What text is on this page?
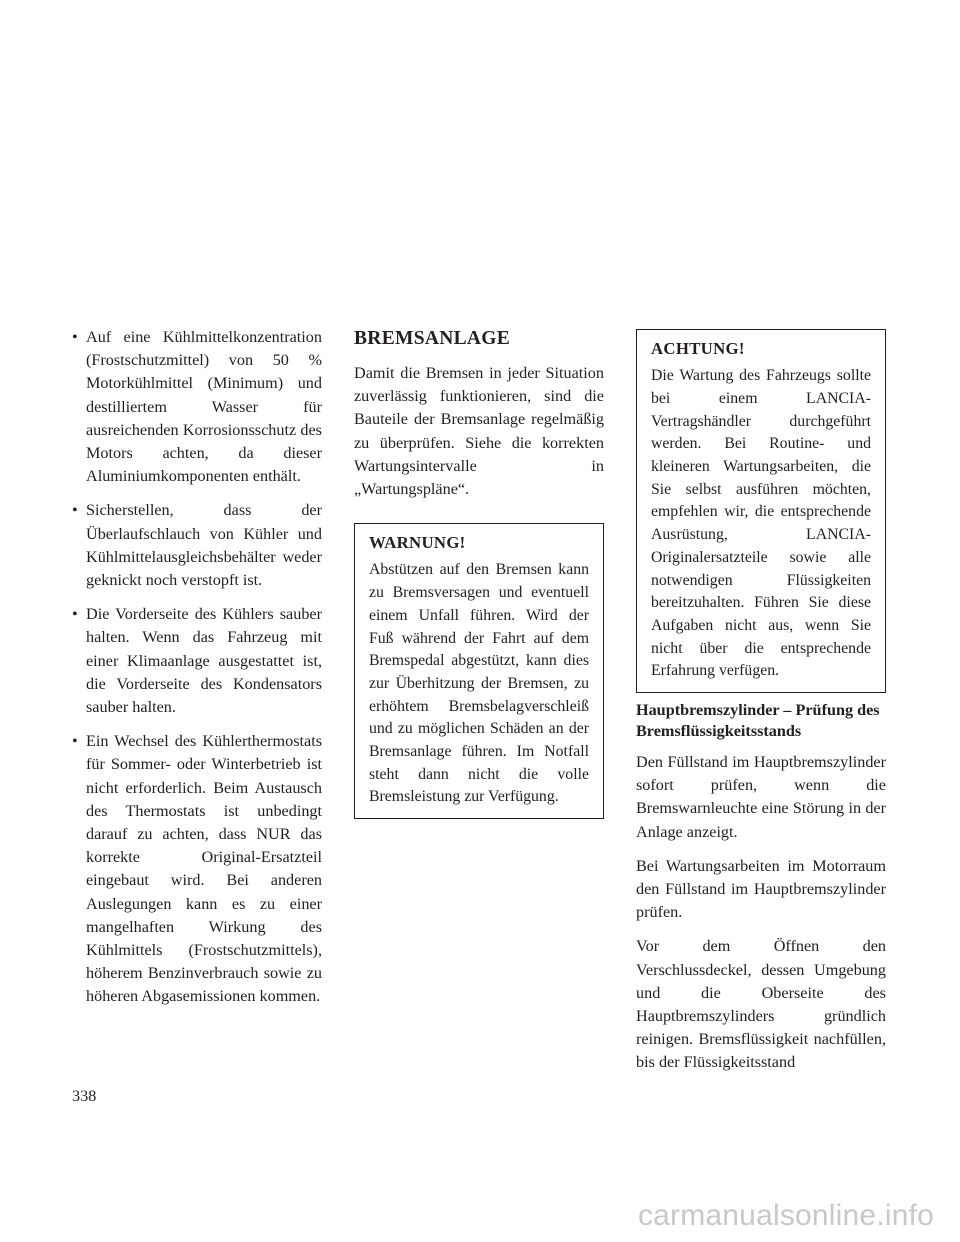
• Auf eine Kühlmittelkonzentration (Frostschutzmittel) von 50 % Motorkühlmittel (Minimum) und destilliertem Wasser für ausreichenden Korrosionsschutz des Motors achten, da dieser Aluminiumkomponenten enthält.
• Sicherstellen, dass der Überlaufschlauch von Kühler und Kühlmittelausgleichsbehälter weder geknickt noch verstopft ist.
• Die Vorderseite des Kühlers sauber halten. Wenn das Fahrzeug mit einer Klimaanlage ausgestattet ist, die Vorderseite des Kondensators sauber halten.
• Ein Wechsel des Kühlerthermostats für Sommer- oder Winterbetrieb ist nicht erforderlich. Beim Austausch des Thermostats ist unbedingt darauf zu achten, dass NUR das korrekte Original-Ersatzteil eingebaut wird. Bei anderen Auslegungen kann es zu einer mangelhaften Wirkung des Kühlmittels (Frostschutzmittels), höherem Benzinverbrauch sowie zu höheren Abgasemissionen kommen.
BREMSANLAGE

Damit die Bremsen in jeder Situation zuverlässig funktionieren, sind die Bauteile der Bremsanlage regelmäßig zu überprüfen. Siehe die korrekten Wartungsintervalle in „Wartungspläne“.

WARNUNG!

Abstützen auf den Bremsen kann zu Bremsversagen und eventuell einem Unfall führen. Wird der Fuß während der Fahrt auf dem Bremspedal abgestützt, kann dies zur Überhitzung der Bremsen, zu erhöhtem Bremsbelagverschleiß und zu möglichen Schäden an der Bremsanlage führen. Im Notfall steht dann nicht die volle Bremsleistung zur Verfügung.

ACHTUNG!

Die Wartung des Fahrzeugs sollte bei einem LANCIA-Vertragshändler durchgeführt werden. Bei Routine- und kleineren Wartungsarbeiten, die Sie selbst ausführen möchten, empfehlen wir, die entsprechende Ausrüstung, LANCIA-Originalersatzteile sowie alle notwendigen Flüssigkeiten bereitzuhalten. Führen Sie diese Aufgaben nicht aus, wenn Sie nicht über die entsprechende Erfahrung verfügen.

Hauptbremszylinder – Prüfung des Bremsflüssigkeitsstands

Den Füllstand im Hauptbremszylinder sofort prüfen, wenn die Bremswarnleuchte eine Störung in der Anlage anzeigt.

Bei Wartungsarbeiten im Motorraum den Füllstand im Hauptbremszylinder prüfen.

Vor dem Öffnen den Verschlussdeckel, dessen Umgebung und die Oberseite des Hauptbremszylinders gründlich reinigen. Bremsflüssigkeit nachfüllen, bis der Flüssigkeitsstand

338
carmanualsonline.info
